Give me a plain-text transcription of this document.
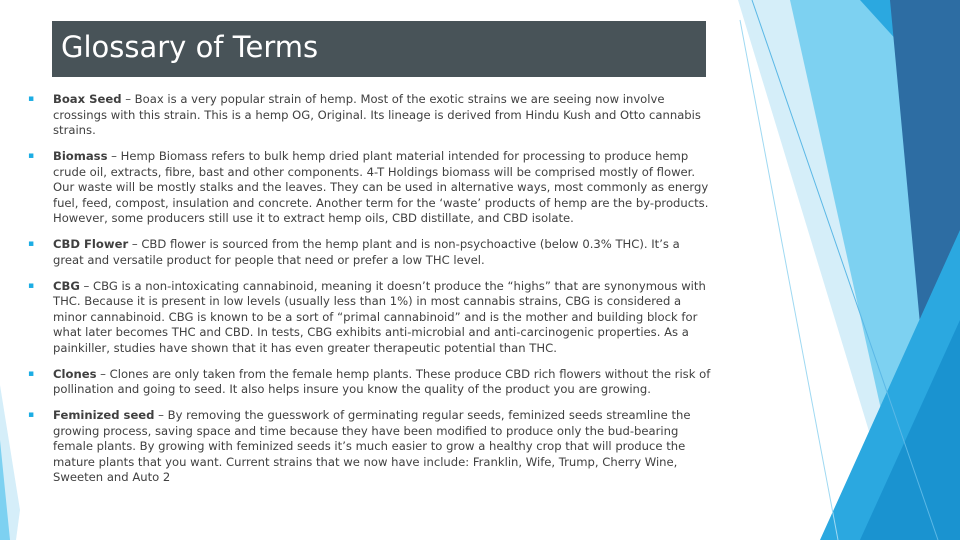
Glossary of Terms
▪ Boax Seed – Boax is a very popular strain of hemp. Most of the exotic strains we are seeing now involve crossings with this strain. This is a hemp OG, Original. Its lineage is derived from Hindu Kush and Otto cannabis strains.
▪ Biomass – Hemp Biomass refers to bulk hemp dried plant material intended for processing to produce hemp crude oil, extracts, fibre, bast and other components. 4-T Holdings biomass will be comprised mostly of flower. Our waste will be mostly stalks and the leaves. They can be used in alternative ways, most commonly as energy fuel, feed, compost, insulation and concrete. Another term for the ‘waste’ products of hemp are the by-products. However, some producers still use it to extract hemp oils, CBD distillate, and CBD isolate.
▪ CBD Flower – CBD flower is sourced from the hemp plant and is non-psychoactive (below 0.3% THC). It’s a great and versatile product for people that need or prefer a low THC level.
▪ CBG – CBG is a non-intoxicating cannabinoid, meaning it doesn’t produce the “highs” that are synonymous with THC. Because it is present in low levels (usually less than 1%) in most cannabis strains, CBG is considered a minor cannabinoid. CBG is known to be a sort of “primal cannabinoid” and is the mother and building block for what later becomes THC and CBD. In tests, CBG exhibits anti-microbial and anti-carcinogenic properties. As a painkiller, studies have shown that it has even greater therapeutic potential than THC.
▪ Clones – Clones are only taken from the female hemp plants. These produce CBD rich flowers without the risk of pollination and going to seed. It also helps insure you know the quality of the product you are growing.
▪ Feminized seed – By removing the guesswork of germinating regular seeds, feminized seeds streamline the growing process, saving space and time because they have been modified to produce only the bud-bearing female plants. By growing with feminized seeds it’s much easier to grow a healthy crop that will produce the mature plants that you want. Current strains that we now have include: Franklin, Wife, Trump, Cherry Wine, Sweeten and Auto 2
